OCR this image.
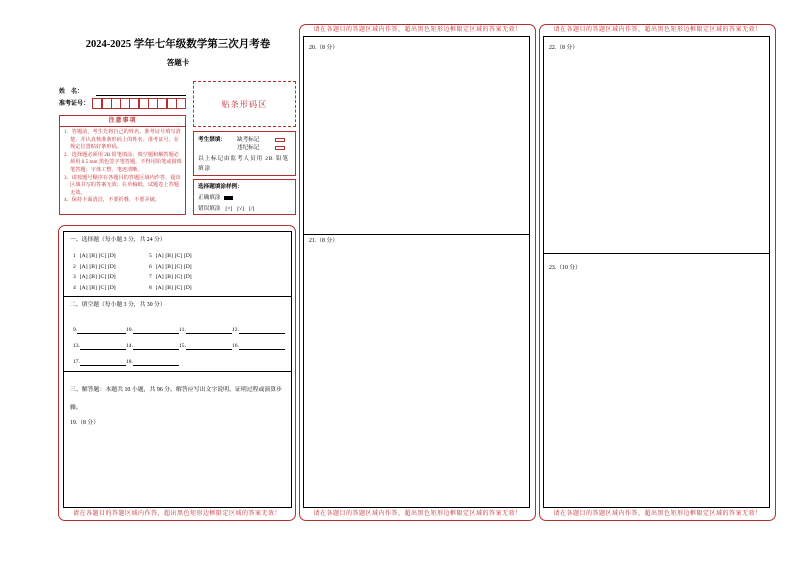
2024-2025 学年七年级数学第三次月考卷
答题卡
姓    名：
准考证号：	贴条形码区
注意事项
1．答题前，考生先将自己的姓名，准考证号填写清楚，并认真核准条形码上的姓名、准考证号，在规定位置贴好条形码。
2．选择题必须用 2B 铅笔填涂；填空题和解答题必须用 0.5 mm 黑色签字笔答题，不得用铅笔或圆珠笔答题；字体工整、笔迹清晰。
3．请按题号顺序在各题目的答题区域内作答，超出区域书写的答案无效；在草稿纸、试题卷上答题无效。
4．保持卡面清洁，不要折叠、不要弄破。
考生禁填： 缺考标记
违纪标记
以上标记由监考人员用 2B 铅笔填涂
选择题填涂样例：
正确填涂
错误填涂 [×] [√] [/]
一、选择题（每小题 3 分，共 24 分）
1 [A] [B] [C] [D]	5 [A] [B] [C] [D]
2 [A] [B] [C] [D]	6 [A] [B] [C] [D]
3 [A] [B] [C] [D]	7 [A] [B] [C] [D]
4 [A] [B] [C] [D]	8 [A] [B] [C] [D]
二、填空题（每小题 3 分，共 30 分）
9.	10.	11.	12.
13.	14.	15.	16.
17.	18.
三、解答题：本题共 10 小题，共 96 分。解答应写出文字说明、证明过程或演算步骤。
19.（8 分）
请在各题目的答题区域内作答，超出黑色矩形边框限定区域的答案无效！
请在各题目的答题区域内作答，超出黑色矩形边框限定区域的答案无效！
20.（8 分）
21.（8 分）
请在各题目的答题区域内作答，超出黑色矩形边框限定区域的答案无效！
请在各题目的答题区域内作答，超出黑色矩形边框限定区域的答案无效！
22.（8 分）
23.（10 分）
请在各题目的答题区域内作答，超出黑色矩形边框限定区域的答案无效！
